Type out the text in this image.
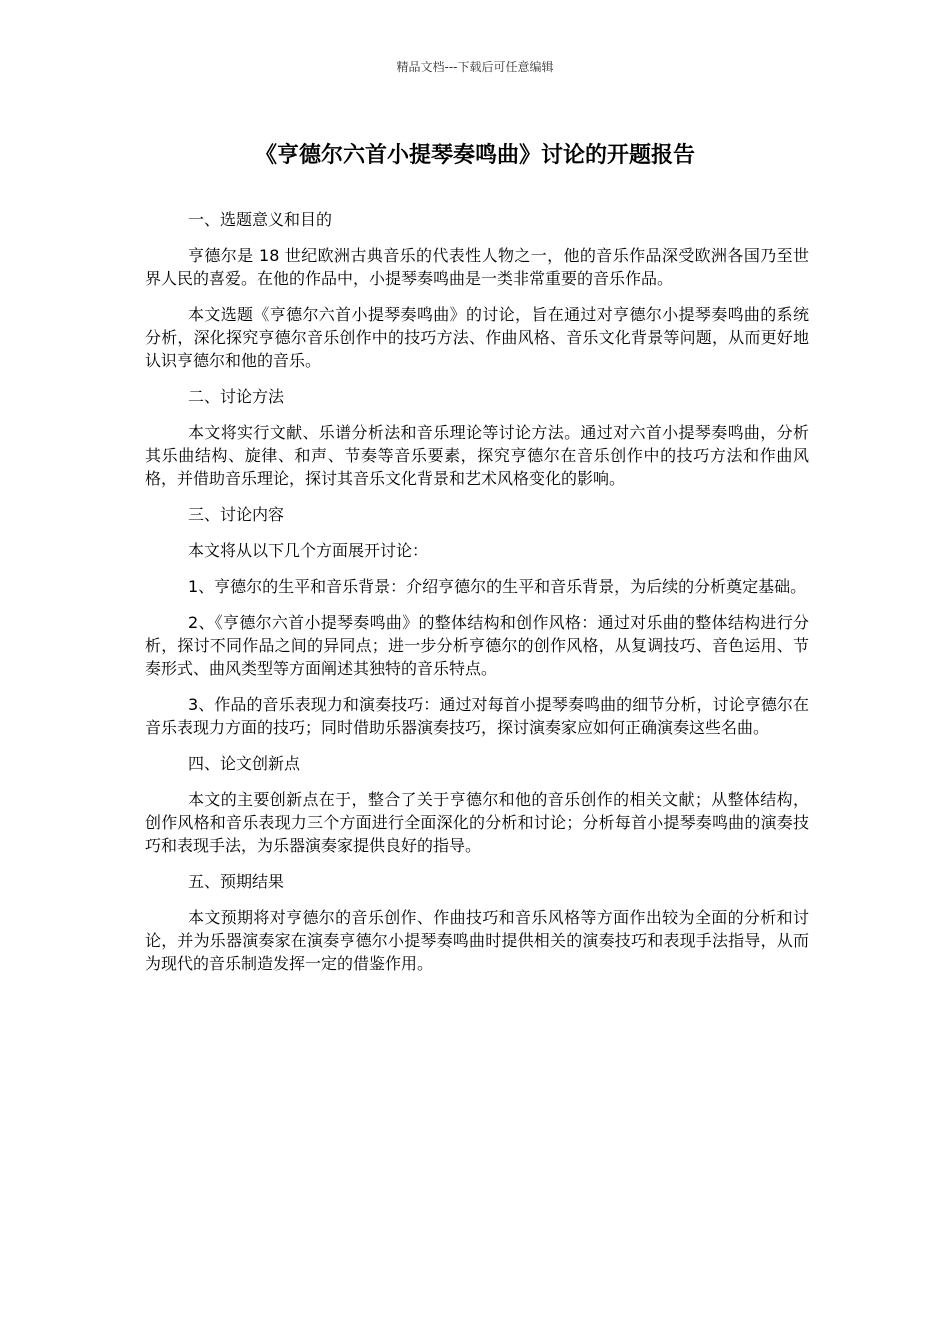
精品文档---下载后可任意编辑
《亨德尔六首小提琴奏鸣曲》讨论的开题报告

一、选题意义和目的

亨德尔是 18 世纪欧洲古典音乐的代表性人物之一，他的音乐作品深受欧洲各国乃至世界人民的喜爱。在他的作品中，小提琴奏鸣曲是一类非常重要的音乐作品。

本文选题《亨德尔六首小提琴奏鸣曲》的讨论，旨在通过对亨德尔小提琴奏鸣曲的系统分析，深化探究亨德尔音乐创作中的技巧方法、作曲风格、音乐文化背景等问题，从而更好地认识亨德尔和他的音乐。

二、讨论方法

本文将实行文献、乐谱分析法和音乐理论等讨论方法。通过对六首小提琴奏鸣曲，分析其乐曲结构、旋律、和声、节奏等音乐要素，探究亨德尔在音乐创作中的技巧方法和作曲风格，并借助音乐理论，探讨其音乐文化背景和艺术风格变化的影响。

三、讨论内容

本文将从以下几个方面展开讨论：

1、亨德尔的生平和音乐背景：介绍亨德尔的生平和音乐背景，为后续的分析奠定基础。

2、《亨德尔六首小提琴奏鸣曲》的整体结构和创作风格：通过对乐曲的整体结构进行分析，探讨不同作品之间的异同点；进一步分析亨德尔的创作风格，从复调技巧、音色运用、节奏形式、曲风类型等方面阐述其独特的音乐特点。

3、作品的音乐表现力和演奏技巧：通过对每首小提琴奏鸣曲的细节分析，讨论亨德尔在音乐表现力方面的技巧；同时借助乐器演奏技巧，探讨演奏家应如何正确演奏这些名曲。

四、论文创新点

本文的主要创新点在于，整合了关于亨德尔和他的音乐创作的相关文献；从整体结构，创作风格和音乐表现力三个方面进行全面深化的分析和讨论；分析每首小提琴奏鸣曲的演奏技巧和表现手法，为乐器演奏家提供良好的指导。

五、预期结果

本文预期将对亨德尔的音乐创作、作曲技巧和音乐风格等方面作出较为全面的分析和讨论，并为乐器演奏家在演奏亨德尔小提琴奏鸣曲时提供相关的演奏技巧和表现手法指导，从而为现代的音乐制造发挥一定的借鉴作用。
